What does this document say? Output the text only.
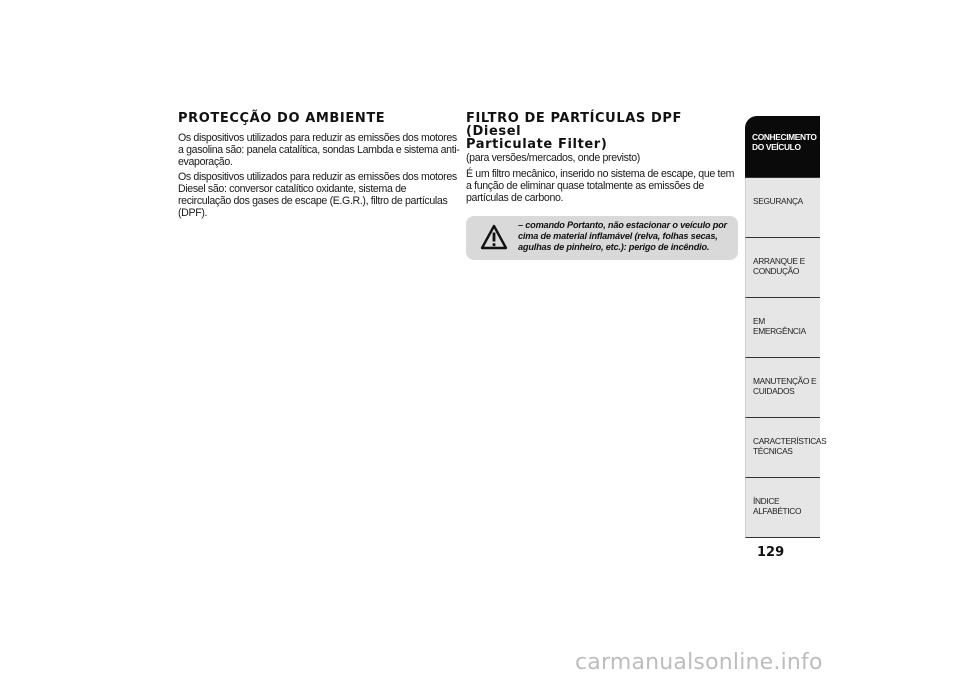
PROTECÇÃO DO AMBIENTE

Os dispositivos utilizados para reduzir as emissões dos motores a gasolina são: panela catalítica, sondas Lambda e sistema anti-evaporação.

Os dispositivos utilizados para reduzir as emissões dos motores Diesel são: conversor catalítico oxidante, sistema de recirculação dos gases de escape (E.G.R.), filtro de partículas (DPF).

FILTRO DE PARTÍCULAS DPF (Diesel
Particulate Filter)

(para versões/mercados, onde previsto)

É um filtro mecânico, inserido no sistema de escape, que tem a função de eliminar quase totalmente as emissões de partículas de carbono.

– comando Portanto, não estacionar o veículo por cima de material inflamável (relva, folhas secas, agulhas de pinheiro, etc.): perigo de incêndio.

CONHECIMENTO
DO VEÍCULO
SEGURANÇA
ARRANQUE E
CONDUÇÃO
EM EMERGÊNCIA
MANUTENÇÃO E
CUIDADOS
CARACTERÍSTICAS
TÉCNICAS
ÍNDICE ALFABÉTICO
129
carmanualsonline.info
